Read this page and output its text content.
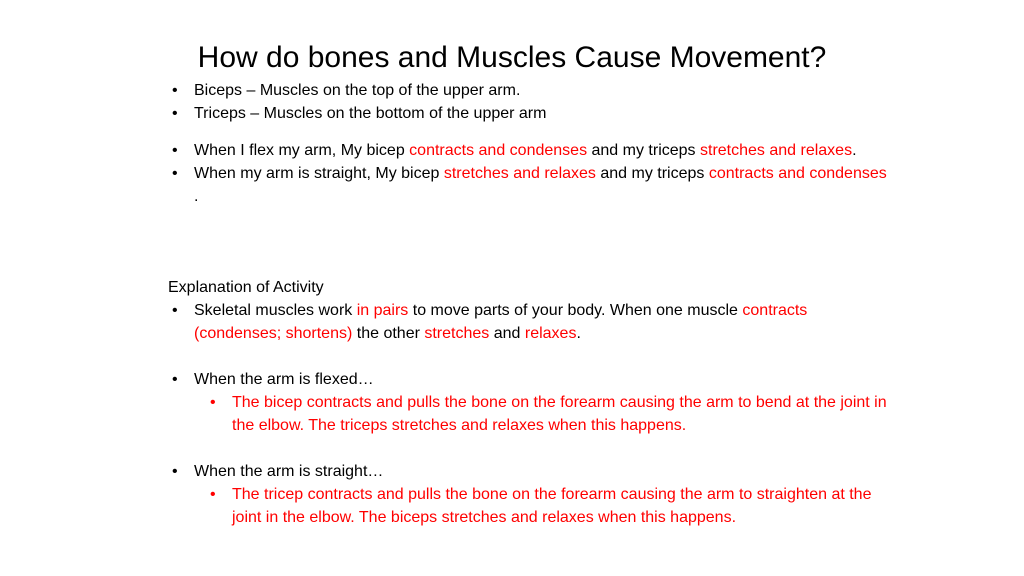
How do bones and Muscles Cause Movement?

• Biceps – Muscles on the top of the upper arm.

• Triceps – Muscles on the bottom of the upper arm

• When I flex my arm, My bicep contracts and condenses and my triceps stretches and relaxes.

• When my arm is straight, My bicep stretches and relaxes and my triceps contracts and condenses .

Explanation of Activity

• Skeletal muscles work in pairs to move parts of your body. When one muscle contracts (condenses; shortens) the other stretches and relaxes.

• When the arm is flexed…

• The bicep contracts and pulls the bone on the forearm causing the arm to bend at the joint in the elbow. The triceps stretches and relaxes when this happens.

• When the arm is straight…

• The tricep contracts and pulls the bone on the forearm causing the arm to straighten at the joint in the elbow. The biceps stretches and relaxes when this happens.
